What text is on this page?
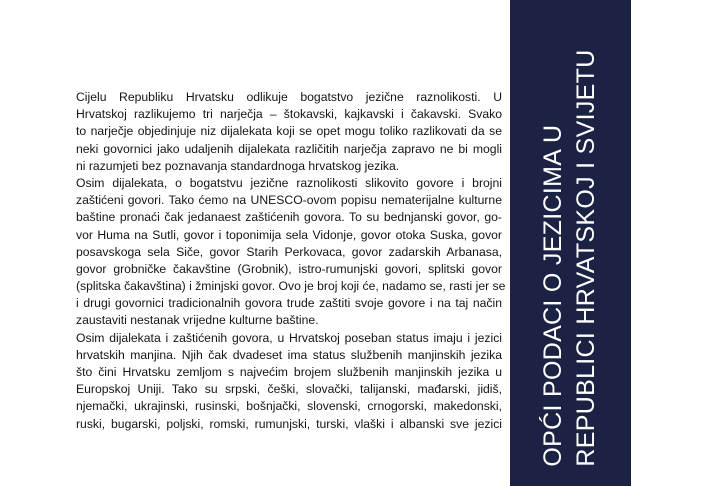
Cijelu Republiku Hrvatsku odlikuje bogatstvo jezične raznolikosti. U
Hrvatskoj razlikujemo tri narječja – štokavski, kajkavski i čakavski. Svako
to narječje objedinjuje niz dijalekata koji se opet mogu toliko razlikovati da se
neki govornici jako udaljenih dijalekata različitih narječja zapravo ne bi mogli
ni razumjeti bez poznavanja standardnoga hrvatskog jezika.
Osim dijalekata, o bogatstvu jezične raznolikosti slikovito govore i brojni
zaštićeni govori. Tako ćemo na UNESCO-ovom popisu nematerijalne kulturne
baštine pronaći čak jedanaest zaštićenih govora. To su bednjanski govor, go-
vor Huma na Sutli, govor i toponimija sela Vidonje, govor otoka Suska, govor
posavskoga sela Siče, govor Starih Perkovaca, govor zadarskih Arbanasa,
govor grobničke čakavštine (Grobnik), istro-rumunjski govori, splitski govor
(splitska čakavština) i žminjski govor. Ovo je broj koji će, nadamo se, rasti jer se
i drugi govornici tradicionalnih govora trude zaštiti svoje govore i na taj način
zaustaviti nestanak vrijedne kulturne baštine.
Osim dijalekata i zaštićenih govora, u Hrvatskoj poseban status imaju i jezici
hrvatskih manjina. Njih čak dvadeset ima status službenih manjinskih jezika
što čini Hrvatsku zemljom s najvećim brojem službenih manjinskih jezika u
Europskoj Uniji. Tako su srpski, češki, slovački, talijanski, mađarski, jidiš,
njemački, ukrajinski, rusinski, bošnjački, slovenski, crnogorski, makedonski,
ruski, bugarski, poljski, romski, rumunjski, turski, vlaški i albanski sve jezici OPĆI PODACI O JEZICIMA U REPUBLICI HRVATSKOJ I SVIJETU
